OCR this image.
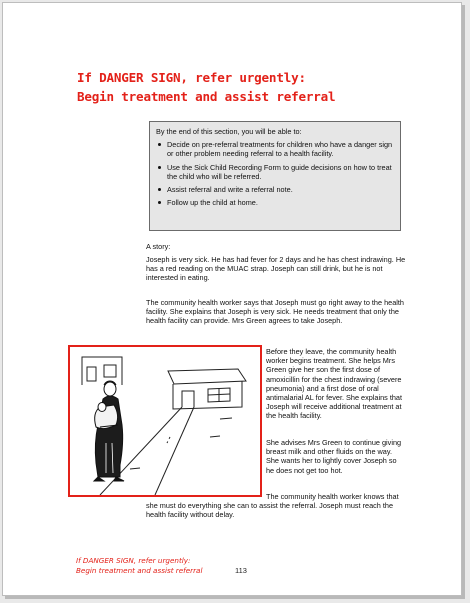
If DANGER SIGN, refer urgently:
Begin treatment and assist referral

By the end of this section, you will be able to:

Decide on pre-referral treatments for children who have a danger sign or other problem needing referral to a health facility.
Use the Sick Child Recording Form to guide decisions on how to treat the child who will be referred.
Assist referral and write a referral note.
Follow up the child at home.
A story:
Joseph is very sick. He has had fever for 2 days and he has chest indrawing. He has a red reading on the MUAC strap. Joseph can still drink, but he is not interested in eating.
The community health worker says that Joseph must go right away to the health facility. She explains that Joseph is very sick. He needs treatment that only the health facility can provide. Mrs Green agrees to take Joseph.
Before they leave, the community health worker begins treatment. She helps Mrs Green give her son the first dose of amoxicillin for the chest indrawing (severe pneumonia) and a first dose of oral antimalarial AL for fever. She explains that Joseph will receive additional treatment at the health facility.
She advises Mrs Green to continue giving breast milk and other fluids on the way. She wants her to lightly cover Joseph so he does not get too hot.
The community health worker knows that she must do everything she can to assist the referral. Joseph must reach the health facility without delay.
If DANGER SIGN, refer urgently:
Begin treatment and assist referral	113
